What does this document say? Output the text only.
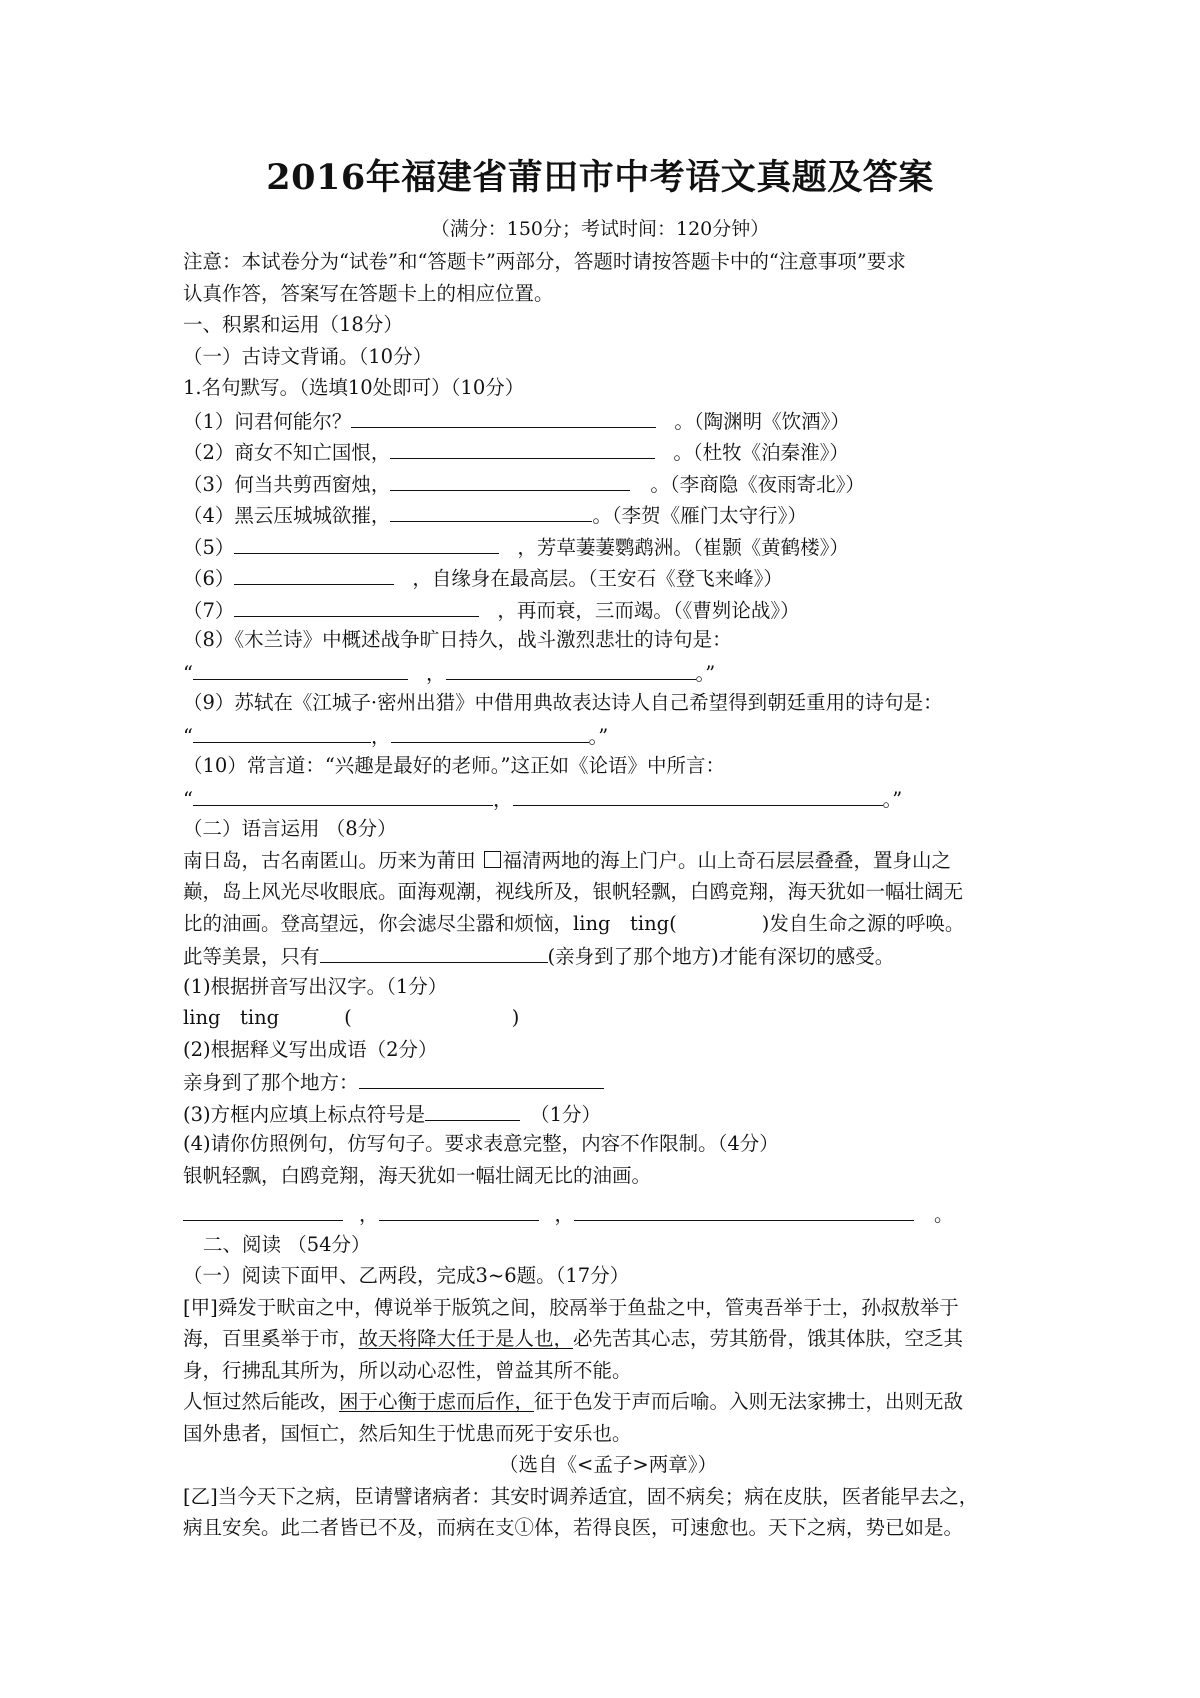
2016年福建省莆田市中考语文真题及答案
（满分：150分；考试时间：120分钟）
注意：本试卷分为“试卷”和“答题卡”两部分，答题时请按答题卡中的“注意事项”要求
认真作答，答案写在答题卡上的相应位置。
一、积累和运用（18分）
（一）古诗文背诵。（10分）
1.名句默写。（选填10处即可）（10分）
（1）问君何能尔？	。（陶渊明《饮酒》）
（2）商女不知亡国恨，	。（杜牧《泊秦淮》）
（3）何当共剪西窗烛，	。（李商隐《夜雨寄北》）
（4）黑云压城城欲摧，	。（李贺《雁门太守行》）
（5）	，芳草萋萋鹦鹉洲。（崔颢《黄鹤楼》）
（6）	，自缘身在最高层。（王安石《登飞来峰》）
（7）	，再而衰，三而竭。（《曹刿论战》）
（8）《木兰诗》中概述战争旷日持久，战斗激烈悲壮的诗句是：
“	，	。”
（9）苏轼在《江城子·密州出猎》中借用典故表达诗人自己希望得到朝廷重用的诗句是：
“	，	。”
（10）常言道：“兴趣是最好的老师。”这正如《论语》中所言：
“	，	。”
（二）语言运用 （8分）
南日岛，古名南匿山。历来为莆田 福清两地的海上门户。山上奇石层层叠叠，置身山之
巅，岛上风光尽收眼底。面海观潮，视线所及，银帆轻飘，白鸥竞翔，海天犹如一幅壮阔无
比的油画。登高望远，你会滤尽尘嚣和烦恼，ling　ting(	)发自生命之源的呼唤。
此等美景，只有	(亲身到了那个地方)才能有深切的感受。
(1)根据拼音写出汉字。（1分）
ling　ting	(	)
(2)根据释义写出成语（2分）
亲身到了那个地方：
(3)方框内应填上标点符号是	（1分）
(4)请你仿照例句，仿写句子。要求表意完整，内容不作限制。（4分）
银帆轻飘，白鸥竞翔，海天犹如一幅壮阔无比的油画。
，	，	。
二、阅读 （54分）
（一）阅读下面甲、乙两段，完成3~6题。（17分）
[甲]舜发于畎亩之中，傅说举于版筑之间，胶鬲举于鱼盐之中，管夷吾举于士，孙叔敖举于
海，百里奚举于市，故天将降大任于是人也，必先苦其心志，劳其筋骨，饿其体肤，空乏其
身，行拂乱其所为，所以动心忍性，曾益其所不能。
人恒过然后能改，困于心衡于虑而后作，征于色发于声而后喻。入则无法家拂士，出则无敌
国外患者，国恒亡，然后知生于忧患而死于安乐也。
（选自《<孟子>两章》）
[乙]当今天下之病，臣请譬诸病者：其安时调养适宜，固不病矣；病在皮肤，医者能早去之，
病且安矣。此二者皆已不及，而病在支①体，若得良医，可速愈也。天下之病，势已如是。
